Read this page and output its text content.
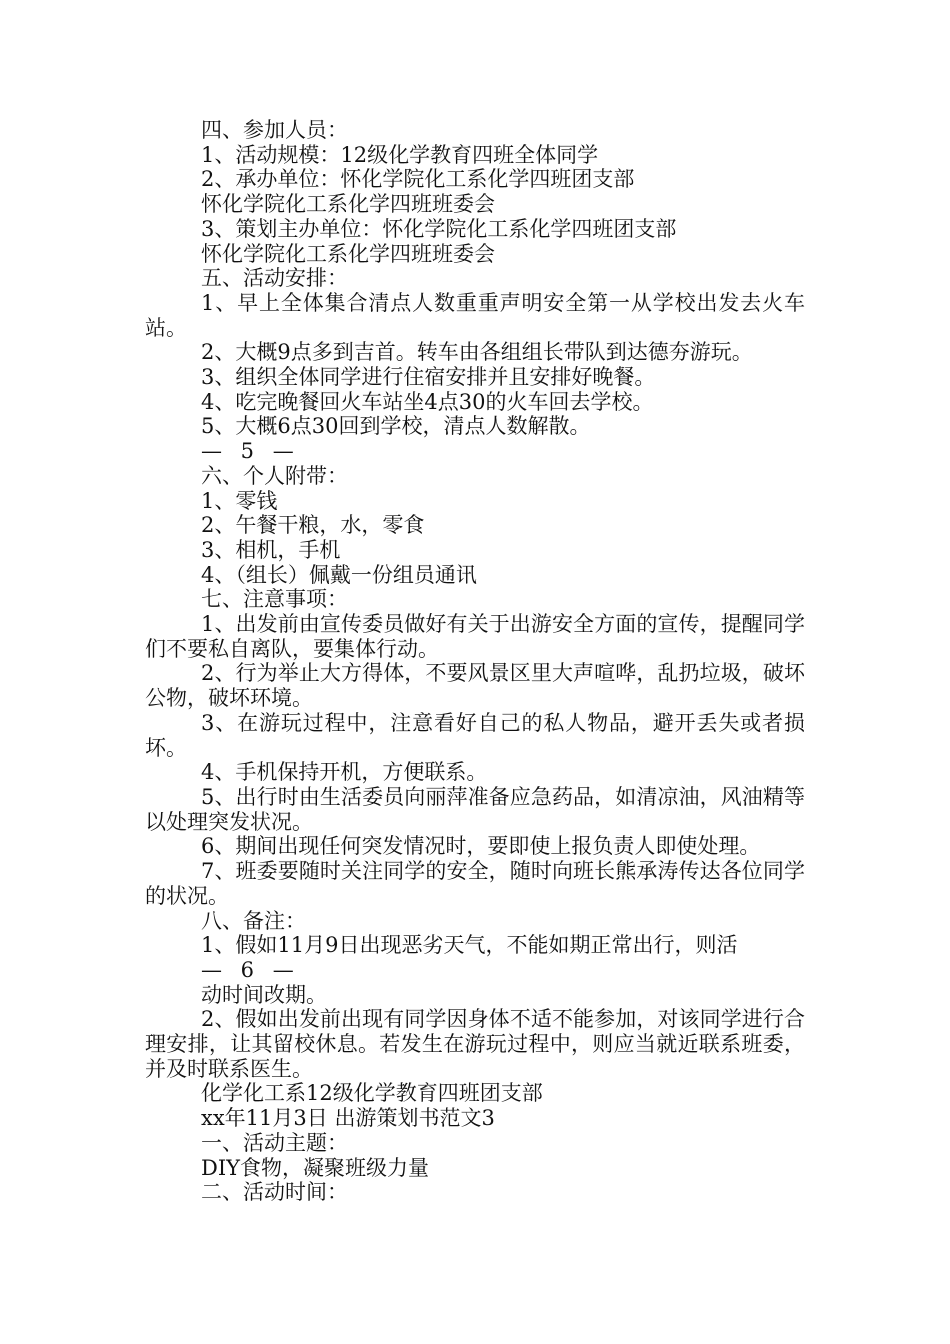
四、参加人员：

1、活动规模：12级化学教育四班全体同学

2、承办单位：怀化学院化工系化学四班团支部

怀化学院化工系化学四班班委会

3、策划主办单位：怀化学院化工系化学四班团支部

怀化学院化工系化学四班班委会

五、活动安排：

1、早上全体集合清点人数重重声明安全第一从学校出发去火车站。

2、大概9点多到吉首。转车由各组组长带队到达德夯游玩。

3、组织全体同学进行住宿安排并且安排好晚餐。

4、吃完晚餐回火车站坐4点30的火车回去学校。

5、大概6点30回到学校，清点人数解散。

— 5 —

六、个人附带：

1、零钱

2、午餐干粮，水，零食

3、相机，手机

4、（组长）佩戴一份组员通讯

七、注意事项：

1、出发前由宣传委员做好有关于出游安全方面的宣传，提醒同学们不要私自离队，要集体行动。

2、行为举止大方得体，不要风景区里大声喧哗，乱扔垃圾，破坏公物，破坏环境。

3、在游玩过程中，注意看好自己的私人物品，避开丢失或者损坏。

4、手机保持开机，方便联系。

5、出行时由生活委员向丽萍准备应急药品，如清凉油，风油精等以处理突发状况。

6、期间出现任何突发情况时，要即使上报负责人即使处理。

7、班委要随时关注同学的安全，随时向班长熊承涛传达各位同学的状况。

八、备注：

1、假如11月9日出现恶劣天气，不能如期正常出行，则活

— 6 —

动时间改期。

2、假如出发前出现有同学因身体不适不能参加，对该同学进行合理安排，让其留校休息。若发生在游玩过程中，则应当就近联系班委，并及时联系医生。

化学化工系12级化学教育四班团支部

xx年11月3日 出游策划书范文3

一、活动主题：

DIY食物，凝聚班级力量

二、活动时间：
